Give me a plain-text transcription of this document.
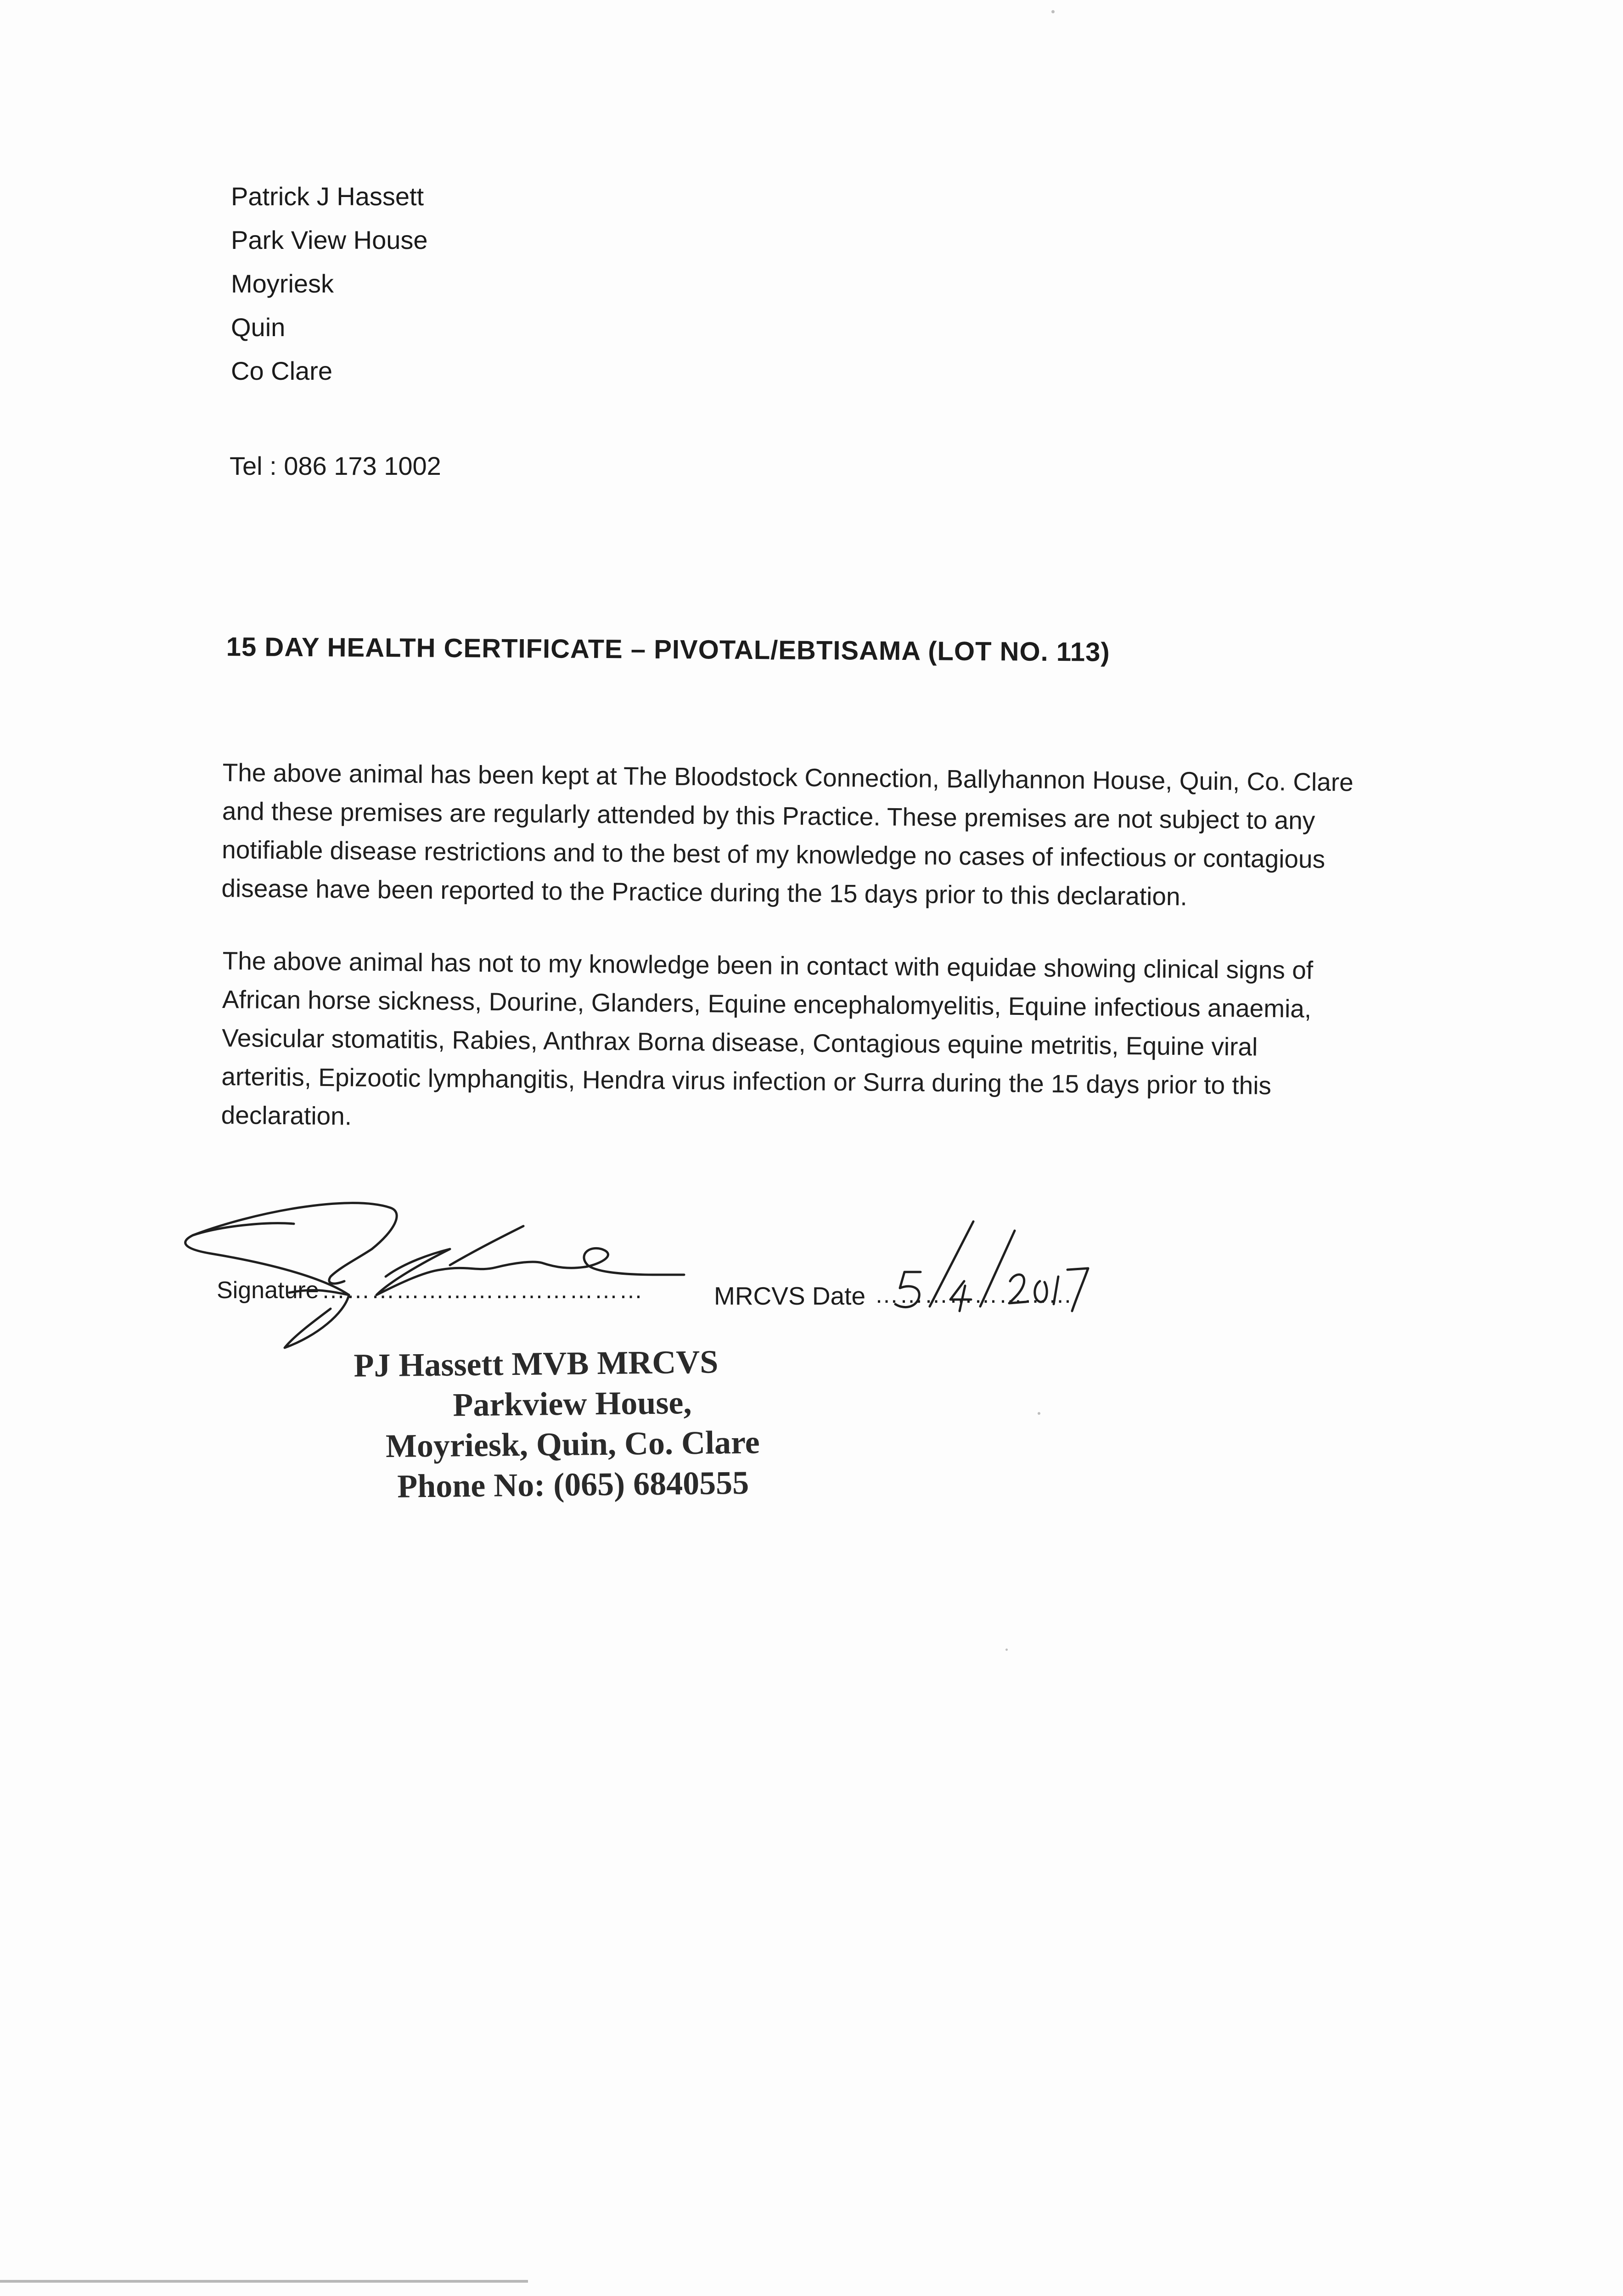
Patrick J Hassett
Park View House
Moyriesk
Quin
Co Clare
Tel : 086 173 1002
15 DAY HEALTH CERTIFICATE – PIVOTAL/EBTISAMA (LOT NO. 113)
The above animal has been kept at The Bloodstock Connection, Ballyhannon House, Quin, Co. Clare
and these premises are regularly attended by this Practice. These premises are not subject to any
notifiable disease restrictions and to the best of my knowledge no cases of infectious or contagious
disease have been reported to the Practice during the 15 days prior to this declaration.
The above animal has not to my knowledge been in contact with equidae showing clinical signs of
African horse sickness, Dourine, Glanders, Equine encephalomyelitis, Equine infectious anaemia,
Vesicular stomatitis, Rabies, Anthrax Borna disease, Contagious equine metritis, Equine viral
arteritis, Epizootic lymphangitis, Hendra virus infection or Surra during the 15 days prior to this
declaration.
Signature …………………………………	MRCVS Date ……………………
PJ Hassett MVB MRCVS
Parkview House,
Moyriesk, Quin, Co. Clare
Phone No: (065) 6840555
